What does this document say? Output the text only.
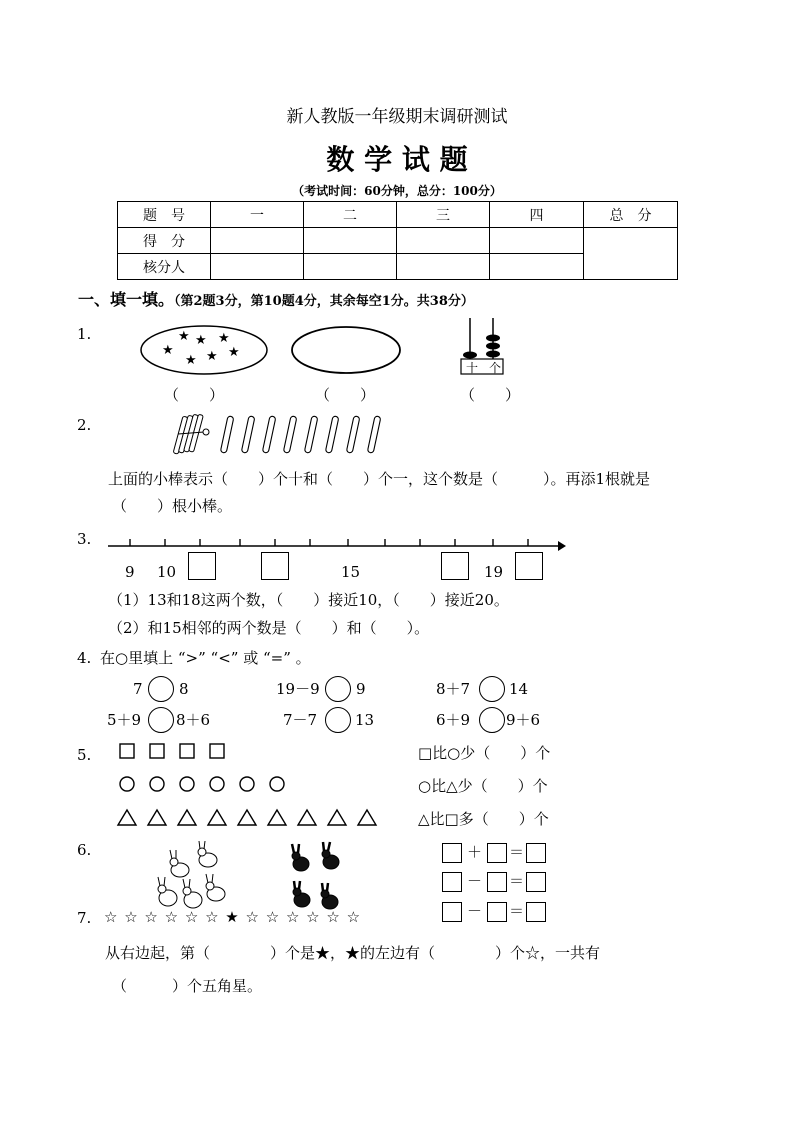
新人教版一年级期末调研测试
数 学 试 题
（考试时间：60分钟，总分：100分）
题　号	一	二	三	四	总　分
得　分					
核分人					
一、填一填。（第2题3分，第10题4分，其余每空1分。共38分）
1.
★
★ ★ ★
★ ★ ★
十 个
（　　）	（　　）	（　　）
2.
上面的小棒表示（　　）个十和（　　）个一，这个数是（　　　）。再添1根就是
（　　）根小棒。
3.
9 10	15	19
（1）13和18这两个数，（　　）接近10，（　　）接近20。
（2）和15相邻的两个数是（　　）和（　　）。
4. 在○里填上 “>” “<” 或 “=” 。
7 8	19－9 9	8＋7	14
5＋9 8＋6	7－7	13	6＋9 9＋6
5.	□比○少（　　）个
○比△少（　　）个
△比□多（　　）个
6.	＋ ＝
－ ＝
－ ＝
7. ☆ ☆ ☆ ☆ ☆ ☆ ★ ☆ ☆ ☆ ☆ ☆ ☆
从右边起，第（　　　　）个是★，★的左边有（　　　　）个☆，一共有
（　　　）个五角星。
